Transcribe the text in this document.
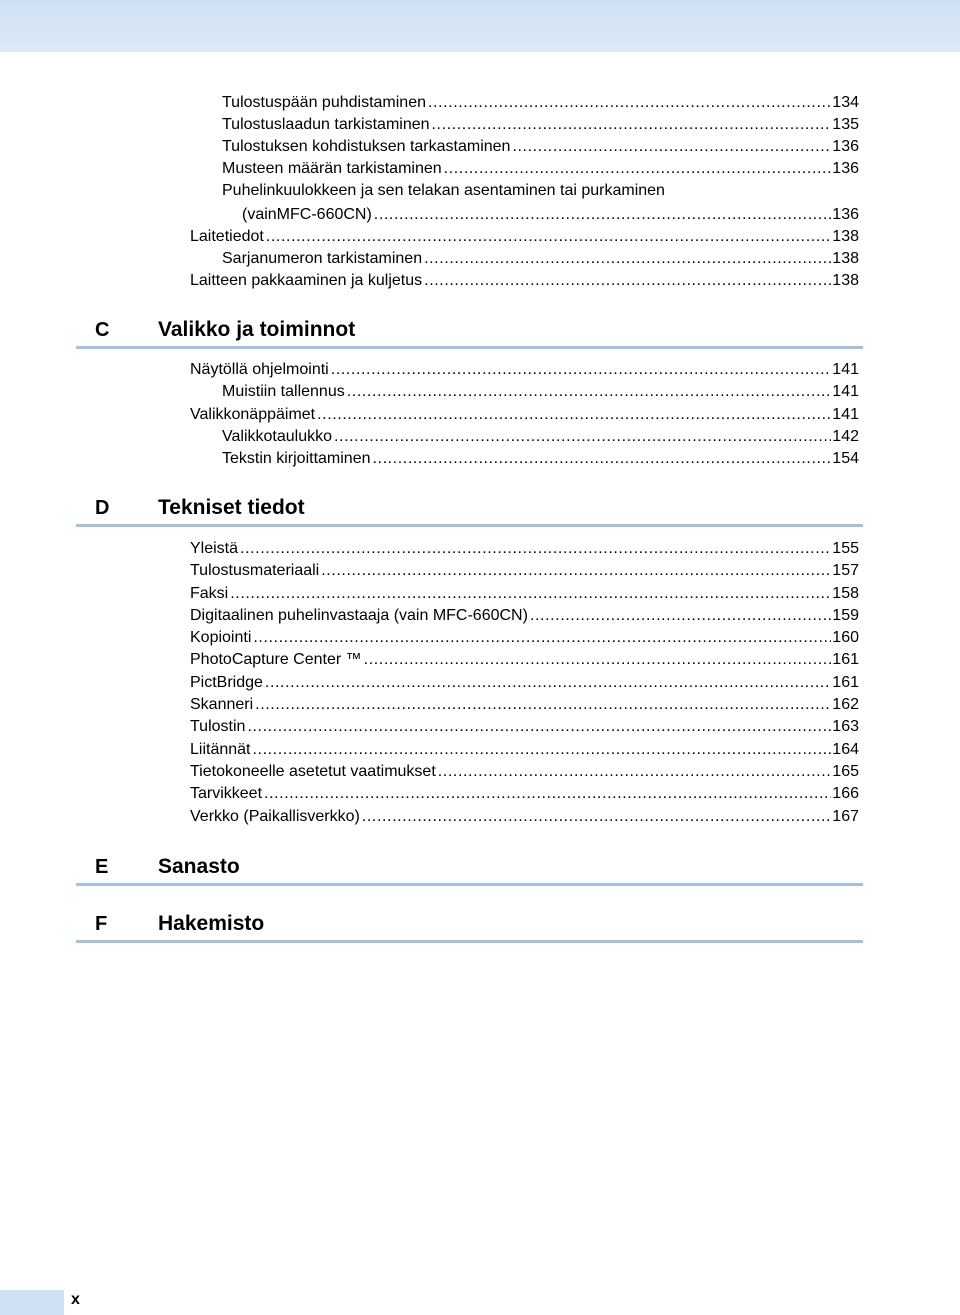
Tulostuspään puhdistaminen .....	134
Tulostuslaadun tarkistaminen .....	135
Tulostuksen kohdistuksen tarkastaminen .....	136
Musteen määrän tarkistaminen .....	136
Puhelinkuulokkeen ja sen telakan asentaminen tai purkaminen
(vainMFC-660CN) .....	136
Laitetiedot .....	138
Sarjanumeron tarkistaminen .....	138
Laitteen pakkaaminen ja kuljetus .....	138
C Valikko ja toiminnot
Näytöllä ohjelmointi .....	141
Muistiin tallennus .....	141
Valikkonäppäimet .....	141
Valikkotaulukko .....	142
Tekstin kirjoittaminen .....	154
D Tekniset tiedot
Yleistä .....	155
Tulostusmateriaali .....	157
Faksi .....	158
Digitaalinen puhelinvastaaja (vain MFC-660CN) .....	159
Kopiointi .....	160
PhotoCapture Center ™ .....	161
PictBridge .....	161
Skanneri .....	162
Tulostin .....	163
Liitännät .....	164
Tietokoneelle asetetut vaatimukset .....	165
Tarvikkeet .....	166
Verkko (Paikallisverkko) .....	167
E Sanasto
F Hakemisto
x
